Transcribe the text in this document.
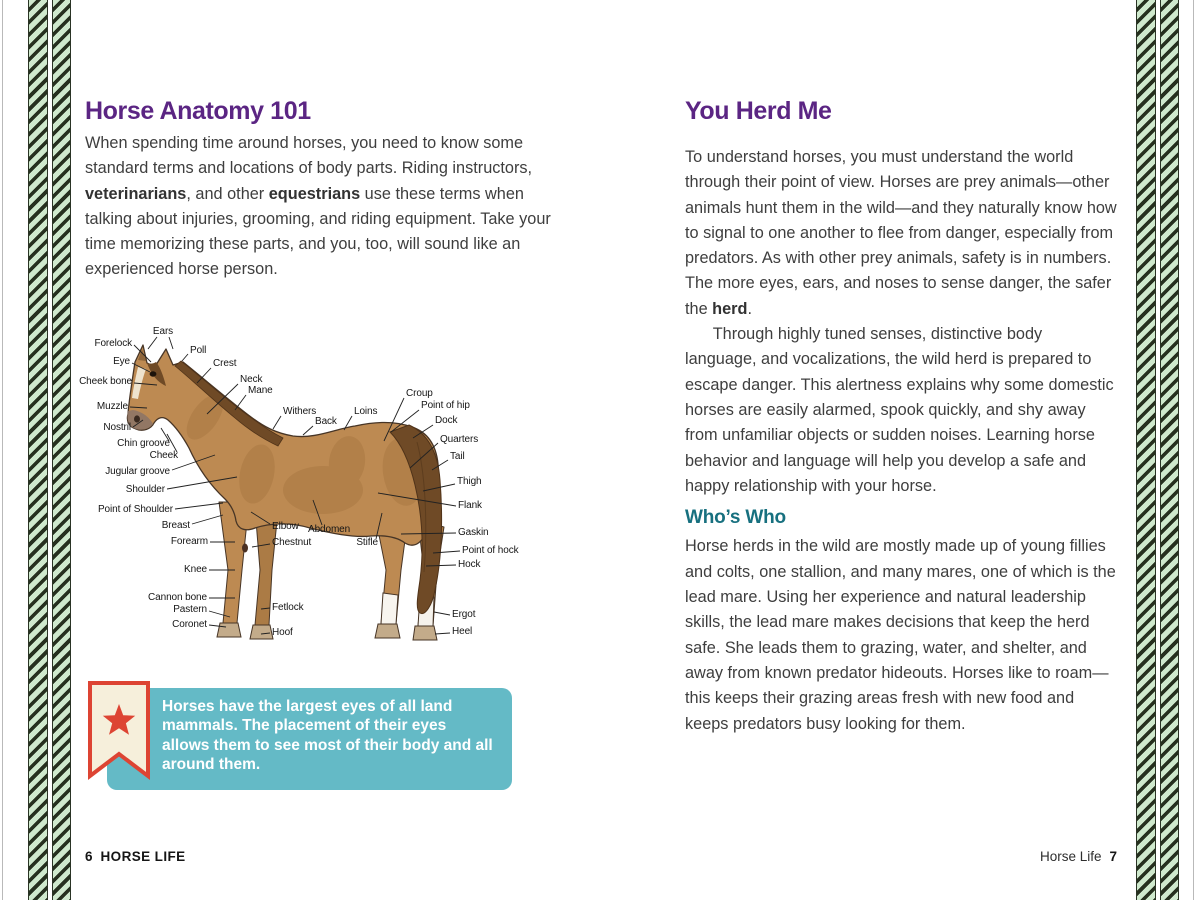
Horse Anatomy 101

When spending time around horses, you need to know some standard terms and locations of body parts. Riding instructors, veterinarians, and other equestrians use these terms when talking about injuries, grooming, and riding equipment. Take your time memorizing these parts, and you, too, will sound like an experienced horse person.

Ears
Forelock
Poll
Eye	Crest
Cheek bone	Neck
Mane
Muzzle	Withers
Back
Loins
Croup
Point of hip
Dock
Quarters
Tail
Thigh
Flank
Nostril
Chin groove
Cheek
Jugular groove
Shoulder
Point of Shoulder
Breast
Forearm
Knee
Cannon bone
Pastern
Coronet
Elbow
Chestnut
Abdomen
Stifle
Fetlock
Hoof
Gaskin
Point of hock
Hock
Ergot
Heel

Horses have the largest eyes of all land mammals. The placement of their eyes allows them to see most of their body and all around them.

6 HORSE LIFE
You Herd Me

To understand horses, you must understand the world through their point of view. Horses are prey animals—other animals hunt them in the wild—and they naturally know how to signal to one another to flee from danger, especially from predators. As with other prey animals, safety is in numbers. The more eyes, ears, and noses to sense danger, the safer the herd.

Through highly tuned senses, distinctive body language, and vocalizations, the wild herd is prepared to escape danger. This alertness explains why some domestic horses are easily alarmed, spook quickly, and shy away from unfamiliar objects or sudden noises. Learning horse behavior and language will help you develop a safe and happy relationship with your horse.

Who’s Who

Horse herds in the wild are mostly made up of young fillies and colts, one stallion, and many mares, one of which is the lead mare. Using her experience and natural leadership skills, the lead mare makes decisions that keep the herd safe. She leads them to grazing, water, and shelter, and away from known predator hideouts. Horses like to roam—this keeps their grazing areas fresh with new food and keeps predators busy looking for them.

Horse Life 7
